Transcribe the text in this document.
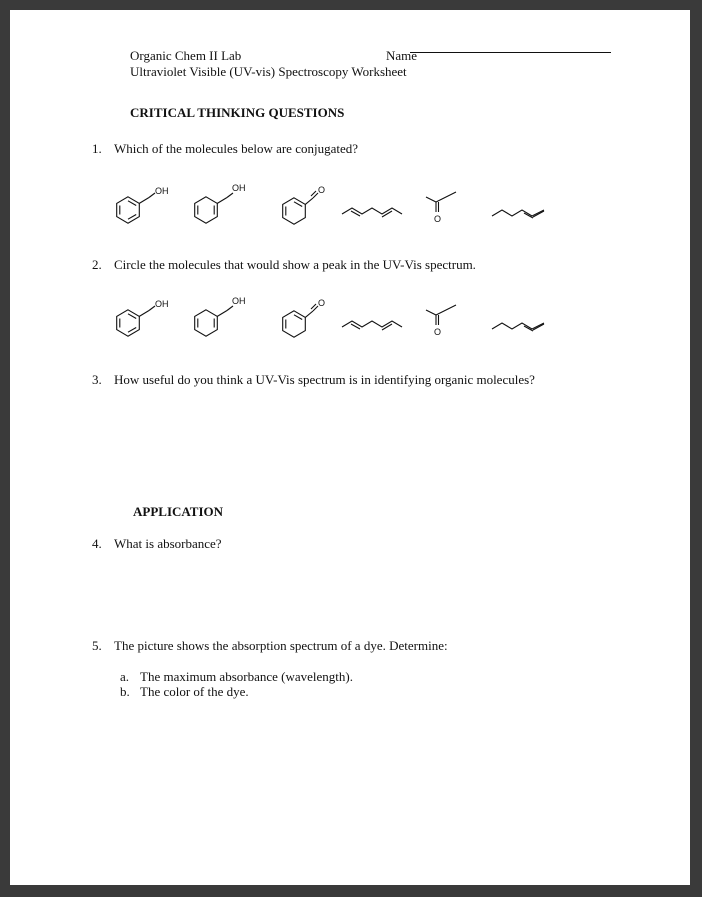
Organic Chem II Lab	Name
Ultraviolet Visible (UV-vis) Spectroscopy Worksheet
CRITICAL THINKING QUESTIONS
1. Which of the molecules below are conjugated?
OH	OH	O
O
2. Circle the molecules that would show a peak in the UV-Vis spectrum.
OH	OH	O
O
3. How useful do you think a UV-Vis spectrum is in identifying organic molecules?
APPLICATION
4. What is absorbance?
5. The picture shows the absorption spectrum of a dye. Determine:
a. The maximum absorbance (wavelength).
b. The color of the dye.
